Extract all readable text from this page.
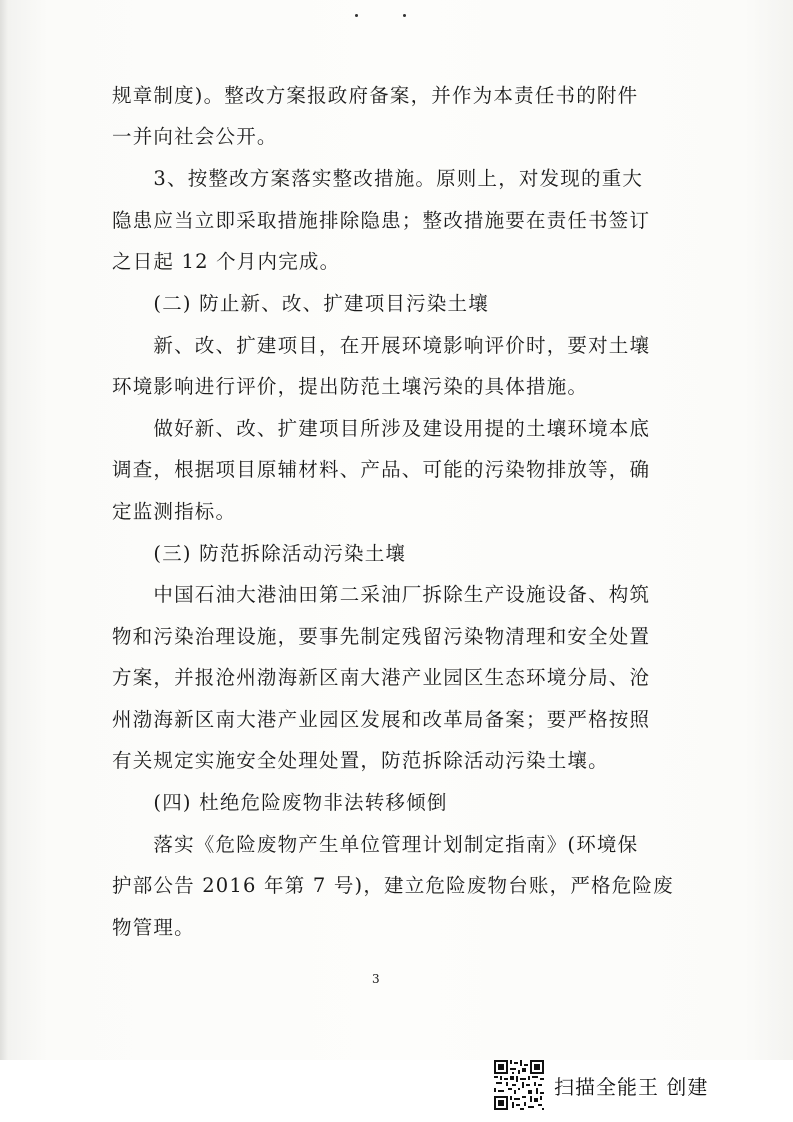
规章制度)。整改方案报政府备案，并作为本责任书的附件
一并向社会公开。
　　3、按整改方案落实整改措施。原则上，对发现的重大
隐患应当立即采取措施排除隐患；整改措施要在责任书签订
之日起 12 个月内完成。
　　(二) 防止新、改、扩建项目污染土壤
　　新、改、扩建项目，在开展环境影响评价时，要对土壤
环境影响进行评价，提出防范土壤污染的具体措施。
　　做好新、改、扩建项目所涉及建设用提的土壤环境本底
调查，根据项目原辅材料、产品、可能的污染物排放等，确
定监测指标。
　　(三) 防范拆除活动污染土壤
　　中国石油大港油田第二采油厂拆除生产设施设备、构筑
物和污染治理设施，要事先制定残留污染物清理和安全处置
方案，并报沧州渤海新区南大港产业园区生态环境分局、沧
州渤海新区南大港产业园区发展和改革局备案；要严格按照
有关规定实施安全处理处置，防范拆除活动污染土壤。
　　(四) 杜绝危险废物非法转移倾倒
　　落实《危险废物产生单位管理计划制定指南》(环境保
护部公告 2016 年第 7 号)，建立危险废物台账，严格危险废
物管理。
3
扫描全能王 创建
